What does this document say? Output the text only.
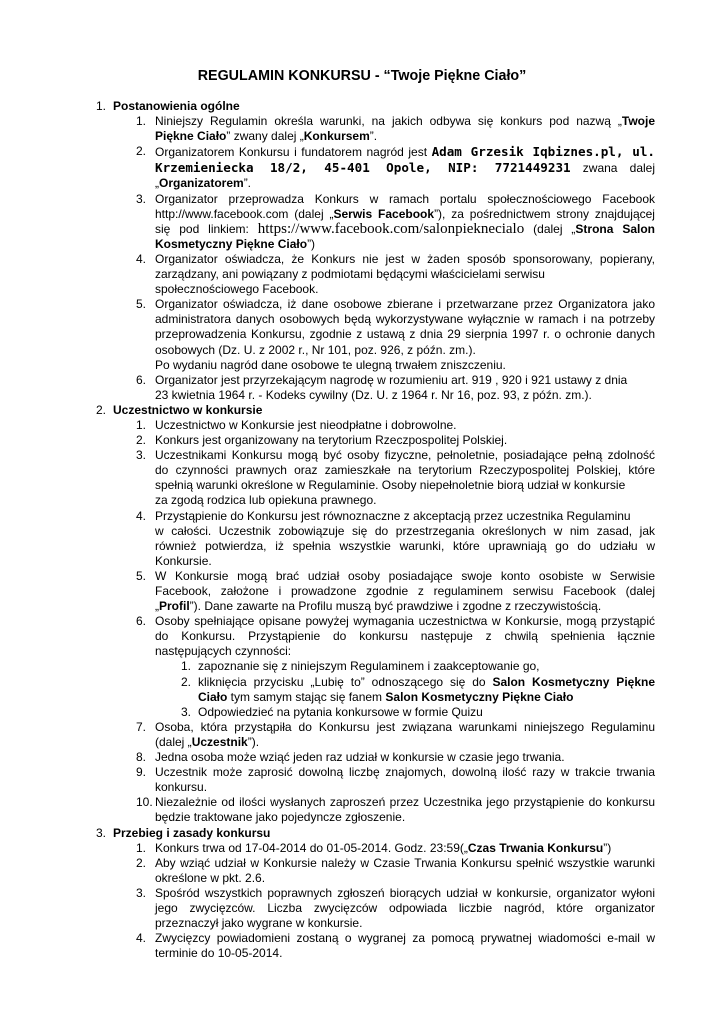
REGULAMIN KONKURSU - “Twoje Piękne Ciało”
1. Postanowienia ogólne
1. Niniejszy Regulamin określa warunki, na jakich odbywa się konkurs pod nazwą „Twoje
Piękne Ciało” zwany dalej „Konkursem”.
2. Organizatorem Konkursu i fundatorem nagród jest Adam Grzesik Iqbiznes.pl, ul.
Krzemieniecka 18/2, 45-401 Opole, NIP: 7721449231 zwana dalej
„Organizatorem”.
3. Organizator przeprowadza Konkurs w ramach portalu społecznościowego Facebook
http://www.facebook.com (dalej „Serwis Facebook”), za pośrednictwem strony znajdującej
się pod linkiem: https://www.facebook.com/salonpieknecialo (dalej „Strona Salon
Kosmetyczny Piękne Ciało”)
4. Organizator oświadcza, że Konkurs nie jest w żaden sposób sponsorowany, popierany,
zarządzany, ani powiązany z podmiotami będącymi właścicielami serwisu
społecznościowego Facebook.
5. Organizator oświadcza, iż dane osobowe zbierane i przetwarzane przez Organizatora jako
administratora danych osobowych będą wykorzystywane wyłącznie w ramach i na potrzeby
przeprowadzenia Konkursu, zgodnie z ustawą z dnia 29 sierpnia 1997 r. o ochronie danych
osobowych (Dz. U. z 2002 r., Nr 101, poz. 926, z późn. zm.).
Po wydaniu nagród dane osobowe te ulegną trwałem zniszczeniu.
6. Organizator jest przyrzekającym nagrodę w rozumieniu art. 919 , 920 i 921 ustawy z dnia
23 kwietnia 1964 r. - Kodeks cywilny (Dz. U. z 1964 r. Nr 16, poz. 93, z późn. zm.).
2. Uczestnictwo w konkursie
1. Uczestnictwo w Konkursie jest nieodpłatne i dobrowolne.
2. Konkurs jest organizowany na terytorium Rzeczpospolitej Polskiej.
3. Uczestnikami Konkursu mogą być osoby fizyczne, pełnoletnie, posiadające pełną zdolność
do czynności prawnych oraz zamieszkałe na terytorium Rzeczypospolitej Polskiej, które
spełnią warunki określone w Regulaminie. Osoby niepełnoletnie biorą udział w konkursie
za zgodą rodzica lub opiekuna prawnego.
4. Przystąpienie do Konkursu jest równoznaczne z akceptacją przez uczestnika Regulaminu
w całości. Uczestnik zobowiązuje się do przestrzegania określonych w nim zasad, jak
również potwierdza, iż spełnia wszystkie warunki, które uprawniają go do udziału w
Konkursie.
5. W Konkursie mogą brać udział osoby posiadające swoje konto osobiste w Serwisie
Facebook, założone i prowadzone zgodnie z regulaminem serwisu Facebook (dalej
„Profil”). Dane zawarte na Profilu muszą być prawdziwe i zgodne z rzeczywistością.
6. Osoby spełniające opisane powyżej wymagania uczestnictwa w Konkursie, mogą przystąpić
do Konkursu. Przystąpienie do konkursu następuje z chwilą spełnienia łącznie
następujących czynności:
1. zapoznanie się z niniejszym Regulaminem i zaakceptowanie go,
2. kliknięcia przycisku „Lubię to” odnoszącego się do Salon Kosmetyczny Piękne
Ciało tym samym stając się fanem Salon Kosmetyczny Piękne Ciało
3. Odpowiedzieć na pytania konkursowe w formie Quizu
7. Osoba, która przystąpiła do Konkursu jest związana warunkami niniejszego Regulaminu
(dalej „Uczestnik”).
8. Jedna osoba może wziąć jeden raz udział w konkursie w czasie jego trwania.
9. Uczestnik może zaprosić dowolną liczbę znajomych, dowolną ilość razy w trakcie trwania
konkursu.
10. Niezależnie od ilości wysłanych zaproszeń przez Uczestnika jego przystąpienie do konkursu
będzie traktowane jako pojedyncze zgłoszenie.
3. Przebieg i zasady konkursu
1. Konkurs trwa od 17-04-2014 do 01-05-2014. Godz. 23:59(„Czas Trwania Konkursu”)
2. Aby wziąć udział w Konkursie należy w Czasie Trwania Konkursu spełnić wszystkie warunki
określone w pkt. 2.6.
3. Spośród wszystkich poprawnych zgłoszeń biorących udział w konkursie, organizator wyłoni
jego zwycięzców. Liczba zwycięzców odpowiada liczbie nagród, które organizator
przeznaczył jako wygrane w konkursie.
4. Zwycięzcy powiadomieni zostaną o wygranej za pomocą prywatnej wiadomości e-mail w
terminie do 10-05-2014.
